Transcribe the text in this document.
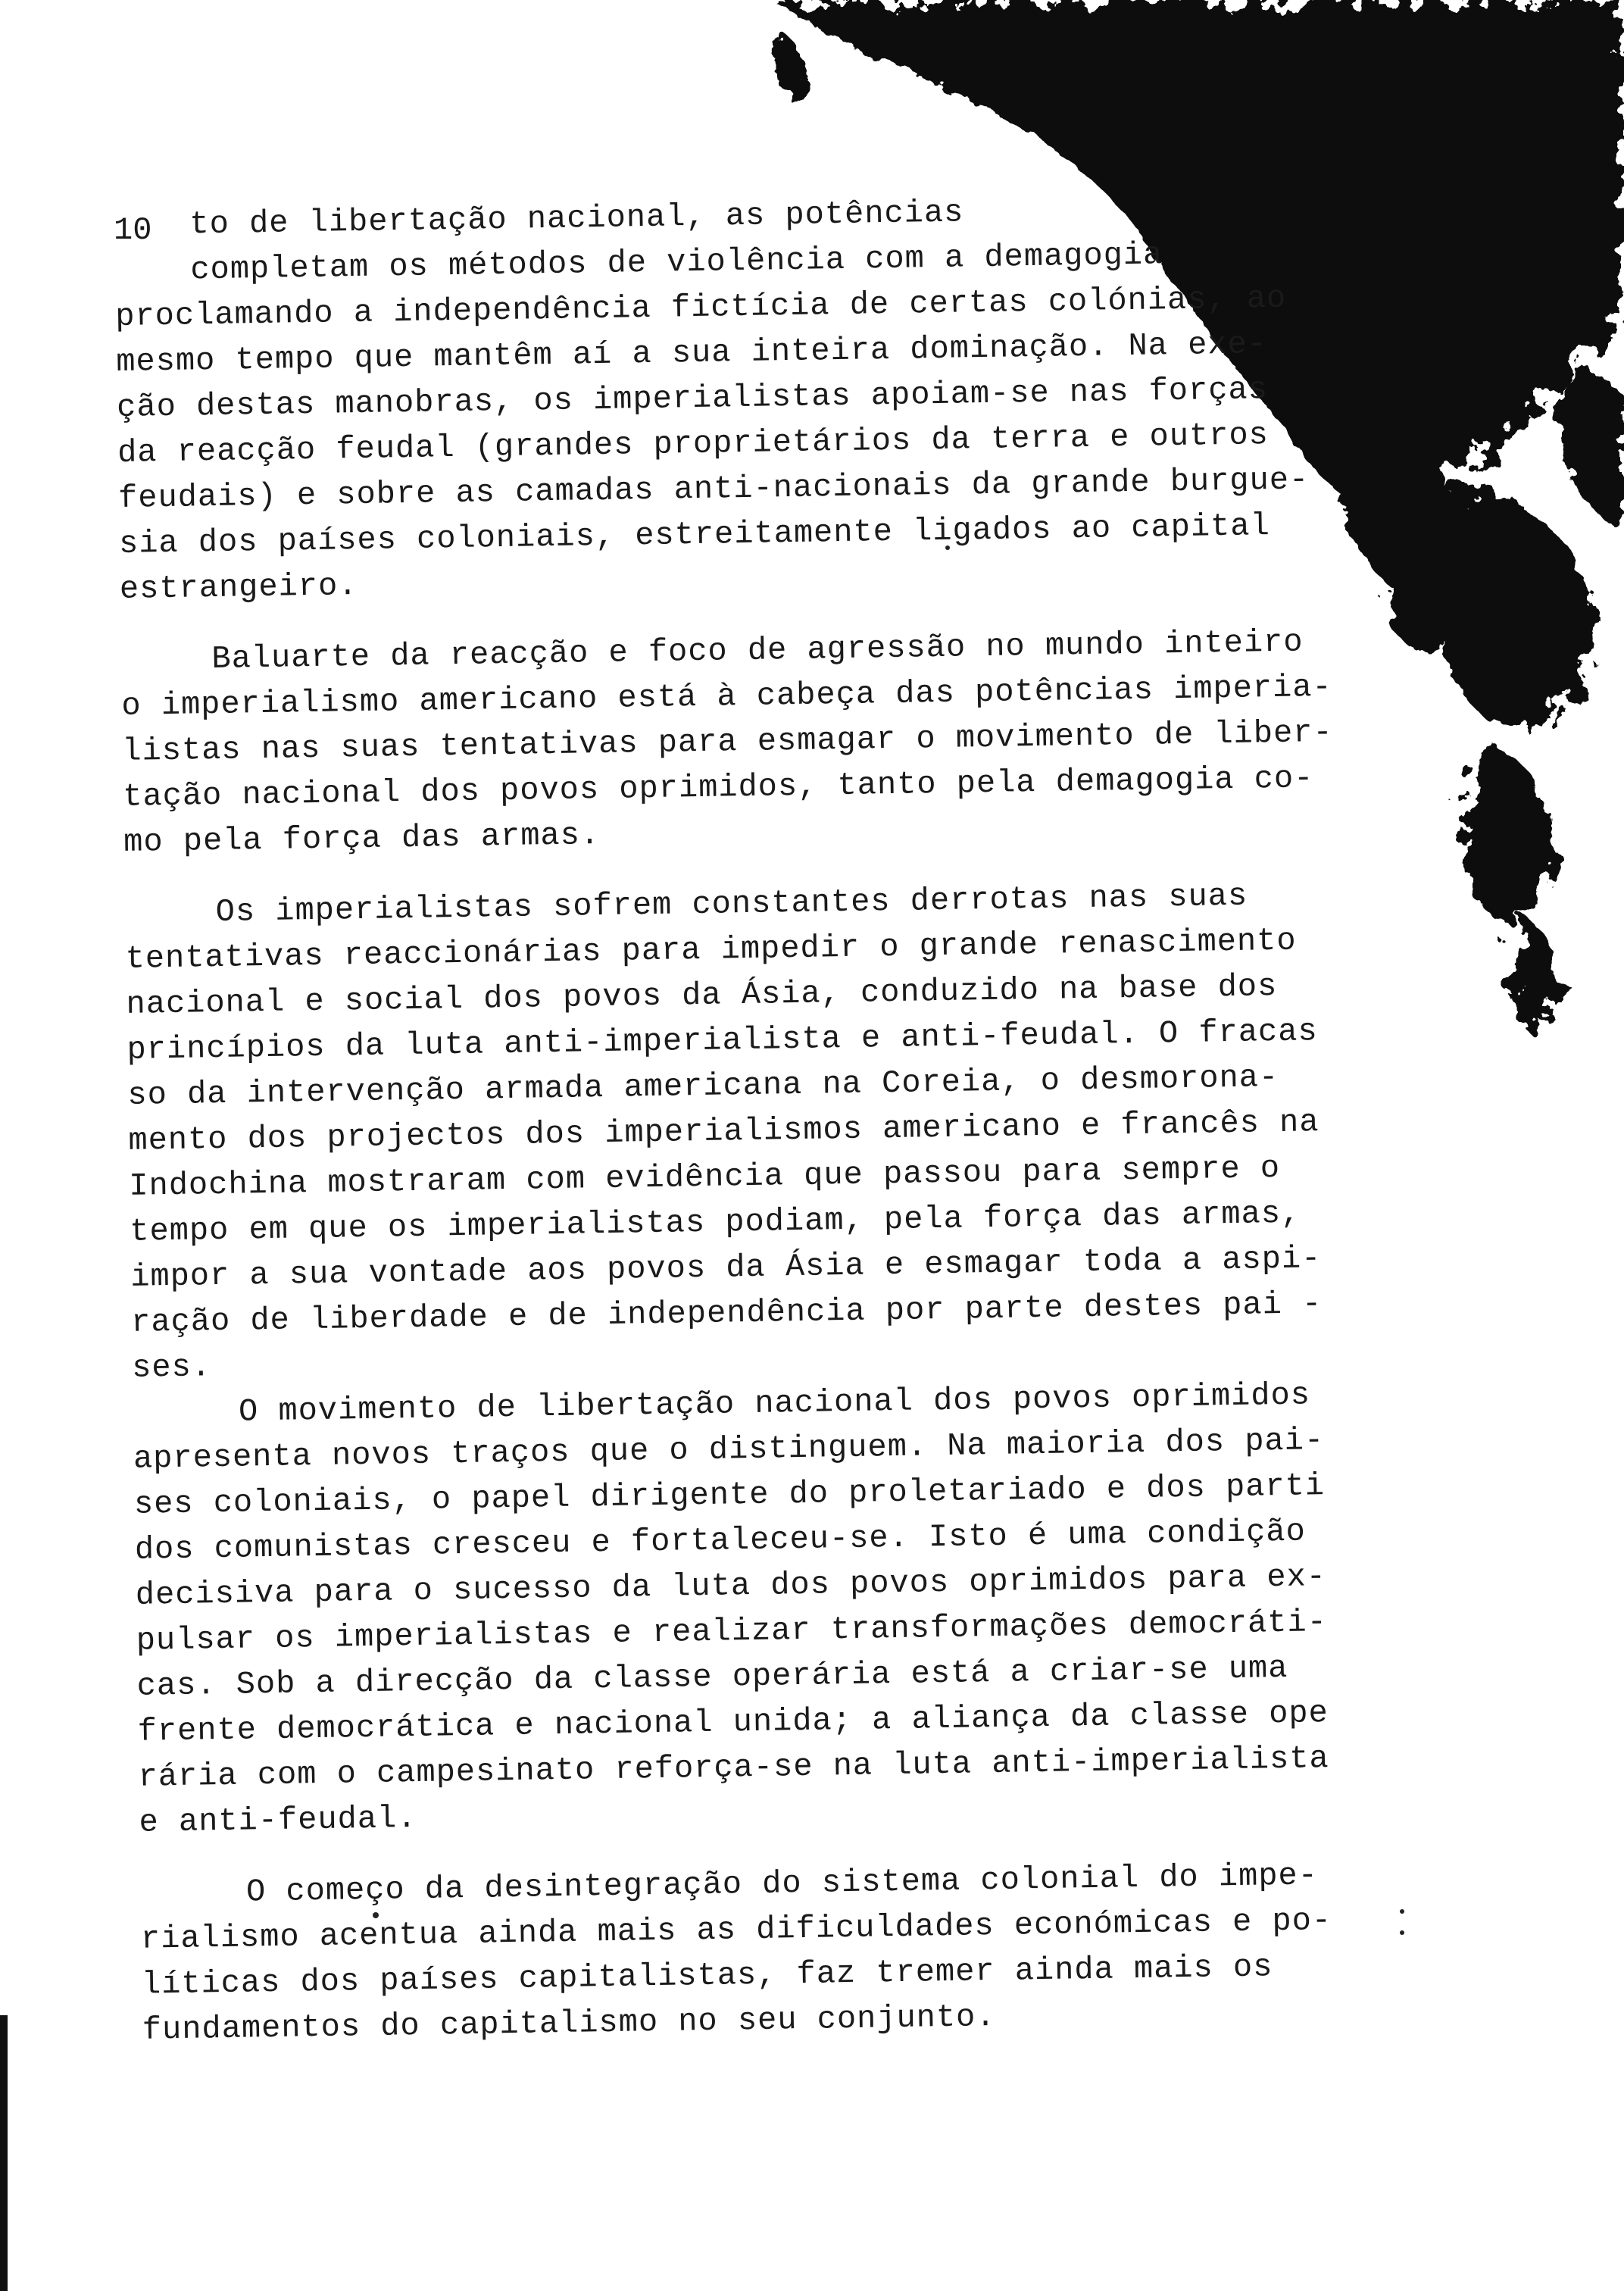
to de libertação nacional, as potências
completam os métodos de violência com a demagogia
proclamando a independência fictícia de certas colónias, ao
mesmo tempo que mantêm aí a sua inteira dominação. Na exe-
ção destas manobras, os imperialistas apoiam-se nas forças
da reacção feudal (grandes proprietários da terra e outros
feudais) e sobre as camadas anti-nacionais da grande burgue-
sia dos países coloniais, estreitamente ligados ao capital
estrangeiro.
Baluarte da reacção e foco de agressão no mundo inteiro
o imperialismo americano está à cabeça das potências imperia-
listas nas suas tentativas para esmagar o movimento de liber-
tação nacional dos povos oprimidos, tanto pela demagogia co-
mo pela força das armas.
Os imperialistas sofrem constantes derrotas nas suas
tentativas reaccionárias para impedir o grande renascimento
nacional e social dos povos da Ásia, conduzido na base dos
princípios da luta anti-imperialista e anti-feudal. O fracas
so da intervenção armada americana na Coreia, o desmorona-
mento dos projectos dos imperialismos americano e francês na
Indochina mostraram com evidência que passou para sempre o
tempo em que os imperialistas podiam, pela força das armas,
impor a sua vontade aos povos da Ásia e esmagar toda a aspi-
ração de liberdade e de independência por parte destes pai -
ses.
O movimento de libertação nacional dos povos oprimidos
apresenta novos traços que o distinguem. Na maioria dos pai-
ses coloniais, o papel dirigente do proletariado e dos parti
dos comunistas cresceu e fortaleceu-se. Isto é uma condição
decisiva para o sucesso da luta dos povos oprimidos para ex-
pulsar os imperialistas e realizar transformações democráti-
cas. Sob a direcção da classe operária está a criar-se uma
frente democrática e nacional unida; a aliança da classe ope
rária com o campesinato reforça-se na luta anti-imperialista
e anti-feudal.
O começo da desintegração do sistema colonial do impe-
rialismo acentua ainda mais as dificuldades económicas e po-
líticas dos países capitalistas, faz tremer ainda mais os
fundamentos do capitalismo no seu conjunto.
10
